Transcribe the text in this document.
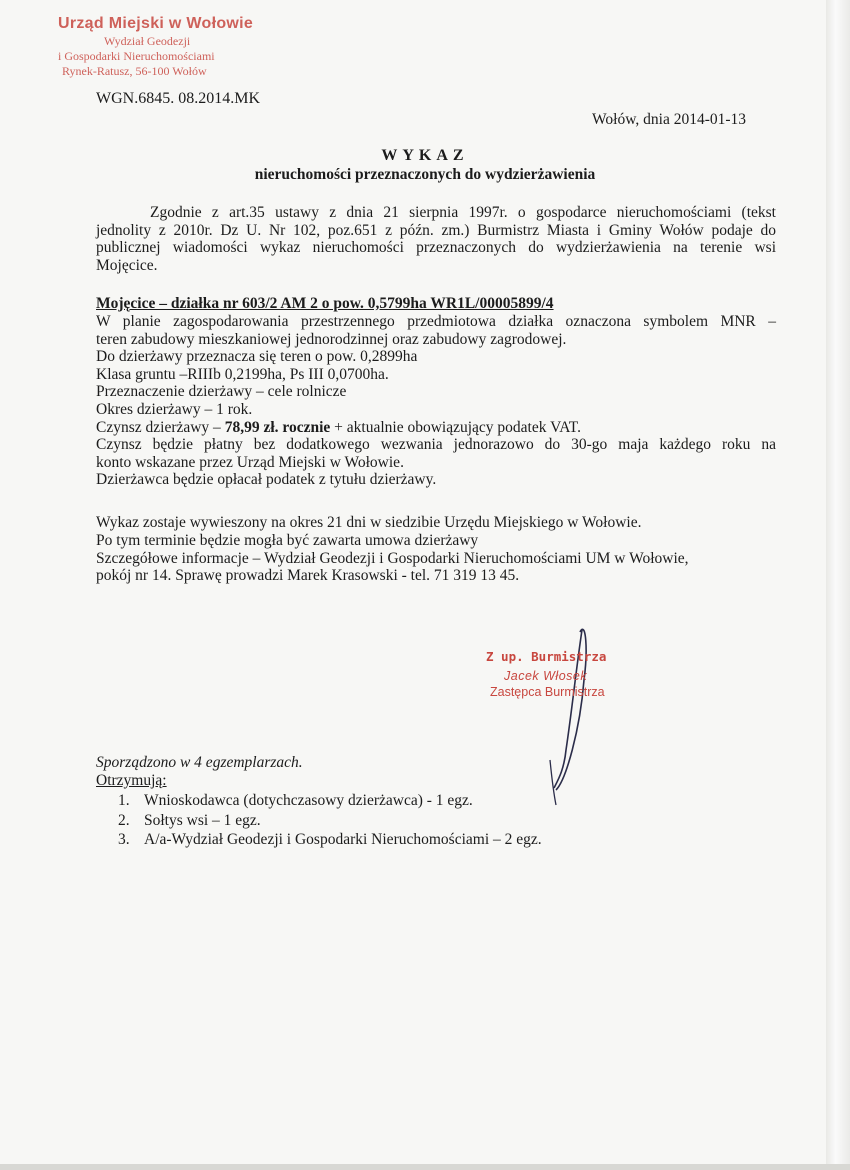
Urząd Miejski w Wołowie
Wydział Geodezji
i Gospodarki Nieruchomościami
Rynek-Ratusz, 56-100 Wołów
WGN.6845. 08.2014.MK
Wołów, dnia 2014-01-13
WYKAZ
nieruchomości przeznaczonych do wydzierżawienia
Zgodnie z art.35 ustawy z dnia 21 sierpnia 1997r. o gospodarce nieruchomościami (tekst
jednolity z 2010r. Dz U. Nr 102, poz.651 z późn. zm.) Burmistrz Miasta i Gminy Wołów podaje do
publicznej wiadomości wykaz nieruchomości przeznaczonych do wydzierżawienia na terenie wsi
Mojęcice.
Mojęcice – działka nr 603/2 AM 2 o pow. 0,5799ha WR1L/00005899/4
W planie zagospodarowania przestrzennego przedmiotowa działka oznaczona symbolem MNR –
teren zabudowy mieszkaniowej jednorodzinnej oraz zabudowy zagrodowej.
Do dzierżawy przeznacza się teren o pow. 0,2899ha
Klasa gruntu –RIIIb 0,2199ha, Ps III 0,0700ha.
Przeznaczenie dzierżawy – cele rolnicze
Okres dzierżawy – 1 rok.
Czynsz dzierżawy – 78,99 zł. rocznie + aktualnie obowiązujący podatek VAT.
Czynsz będzie płatny bez dodatkowego wezwania jednorazowo do 30-go maja każdego roku na
konto wskazane przez Urząd Miejski w Wołowie.
Dzierżawca będzie opłacał podatek z tytułu dzierżawy.
Wykaz zostaje wywieszony na okres 21 dni w siedzibie Urzędu Miejskiego w Wołowie.
Po tym terminie będzie mogła być zawarta umowa dzierżawy
Szczegółowe informacje – Wydział Geodezji i Gospodarki Nieruchomościami UM w Wołowie,
pokój nr 14. Sprawę prowadzi Marek Krasowski - tel. 71 319 13 45.
Z up. Burmistrza
Jacek Włosek
Zastępca Burmistrza
Sporządzono w 4 egzemplarzach.
Otrzymują:
1. Wnioskodawca (dotychczasowy dzierżawca) - 1 egz.
2. Sołtys wsi – 1 egz.
3. A/a-Wydział Geodezji i Gospodarki Nieruchomościami – 2 egz.
